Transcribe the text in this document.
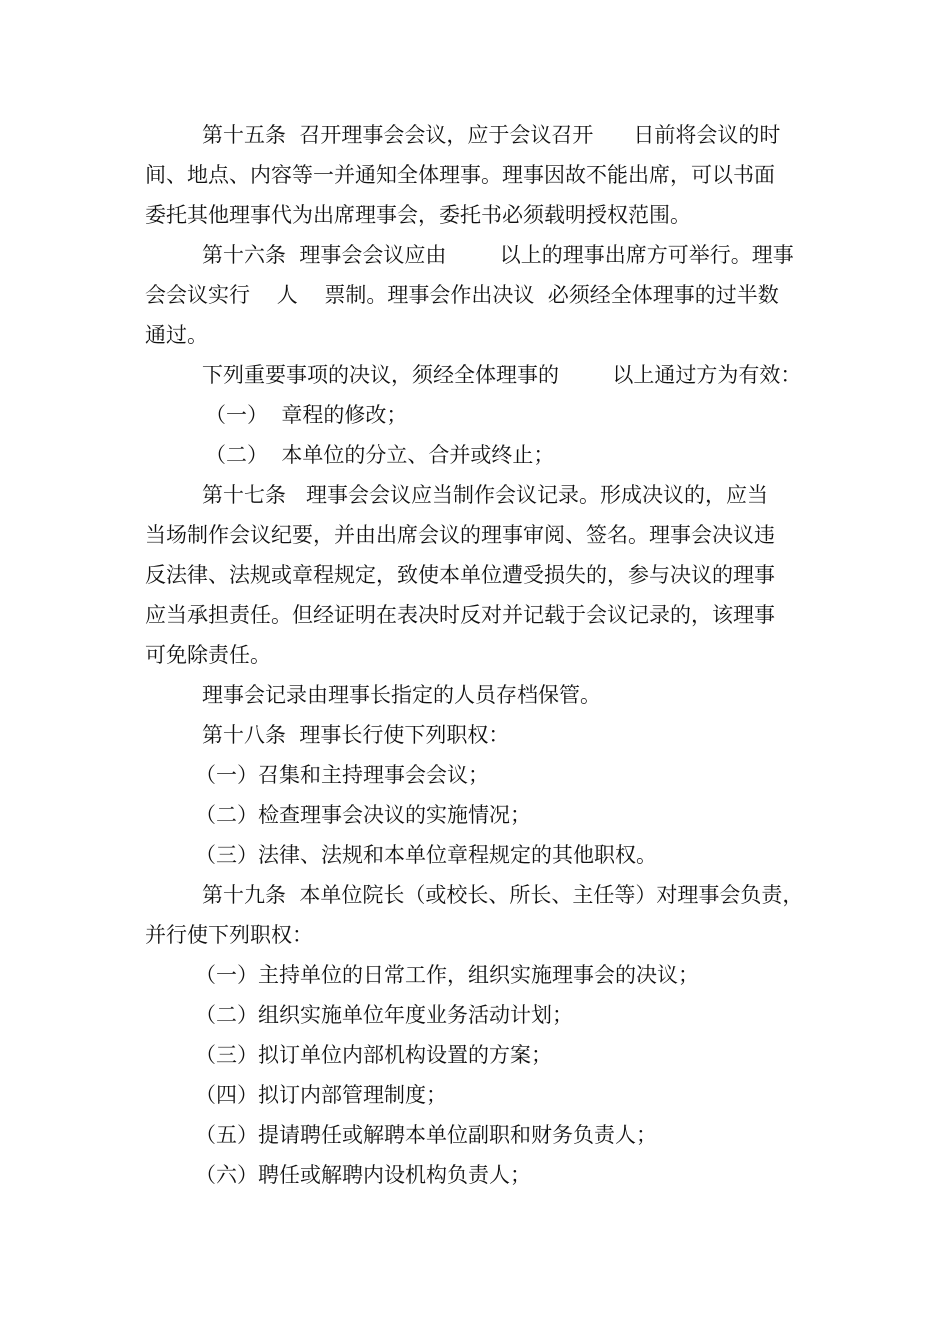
第十五条  召开理事会会议，应于会议召开      日前将会议的时
间、地点、内容等一并通知全体理事。理事因故不能出席，可以书面
委托其他理事代为出席理事会，委托书必须载明授权范围。
第十六条  理事会会议应由        以上的理事出席方可举行。理事
会会议实行    人    票制。理事会作出决议  必须经全体理事的过半数
通过。
下列重要事项的决议，须经全体理事的        以上通过方为有效：
（一）  章程的修改；
（二）  本单位的分立、合并或终止；
第十七条   理事会会议应当制作会议记录。形成决议的，应当
当场制作会议纪要，并由出席会议的理事审阅、签名。理事会决议违
反法律、法规或章程规定，致使本单位遭受损失的，参与决议的理事
应当承担责任。但经证明在表决时反对并记载于会议记录的，该理事
可免除责任。
理事会记录由理事长指定的人员存档保管。
第十八条  理事长行使下列职权：
（一）召集和主持理事会会议；
（二）检查理事会决议的实施情况；
（三）法律、法规和本单位章程规定的其他职权。
第十九条  本单位院长（或校长、所长、主任等）对理事会负责，
并行使下列职权：
（一）主持单位的日常工作，组织实施理事会的决议；
（二）组织实施单位年度业务活动计划；
（三）拟订单位内部机构设置的方案；
（四）拟订内部管理制度；
（五）提请聘任或解聘本单位副职和财务负责人；
（六）聘任或解聘内设机构负责人；
